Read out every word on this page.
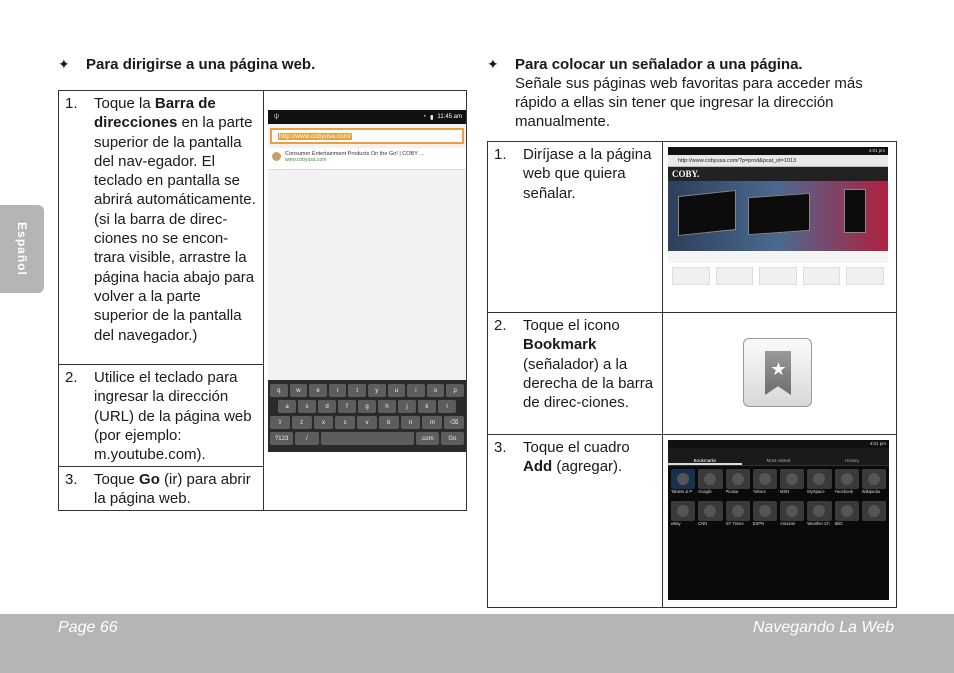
Español
✦ Para dirigirse a una página web.
1.	Toque la Barra de direcciones en la parte superior de la pantalla del nav-egador. El teclado en pantalla se abrirá automáticamente. (si la barra de direc-ciones no se encon-trara visible, arrastre la página hacia abajo para volver a la parte superior de la pantalla del navegador.)

2.	Utilice el teclado para ingresar la dirección (URL) de la página web (por ejemplo: m.youtube.com).

3.	Toque Go (ir) para abrir la página web.
ψ	◔ ▮ 11:45 am
http://www.cobyusa.com/
Consumer Entertainment Products On the Go! | COBY ...
www.cobyusa.com
q	w	e	r	t	y	u	i	o	p
a	s	d	f	g	h	j	k	l
⇧	z	x	c	v	b	n	m	⌫
?123	/	.com	Go
✦ Para colocar un señalador a una página.
Señale sus páginas web favoritas para acceder más
rápido a ellas sin tener que ingresar la dirección
manualmente.
1. Diríjase a la página web que quiera señalar.	

2. Toque el icono Bookmark (señalador) a la derecha de la barra de direc-ciones.	

3. Toque el cuadro Add (agregar).	

4:01 pm
http://www.cobyusa.com/?p=prod&pcat_id=1013
COBY.
★
4:01 pm
Bookmarks	Most visited	History
Tablets & P	Google	Picasa	Yahoo!	MSN	MySpace	Facebook	Wikipedia
eBay	CNN	NY Times	ESPN	Amazon	Weather Ch	BBC
Page 66	Navegando La Web
